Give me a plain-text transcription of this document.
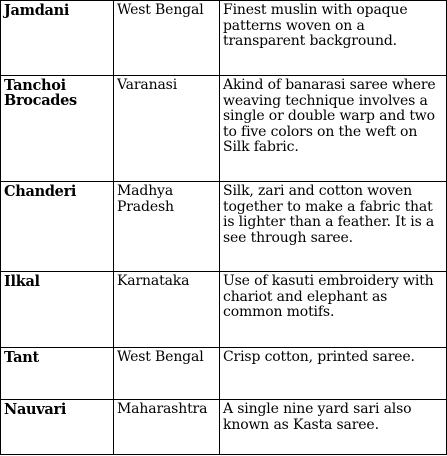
Jamdani	West Bengal	Finest muslin with opaque patterns woven on a transparent background.
Tanchoi Brocades	Varanasi	Akind of banarasi saree where weaving technique involves a single or double warp and two to five colors on the weft on Silk fabric.
Chanderi	Madhya Pradesh	Silk, zari and cotton woven together to make a fabric that is lighter than a feather. It is a see through saree.
Ilkal	Karnataka	Use of kasuti embroidery with chariot and elephant as common motifs.
Tant	West Bengal	Crisp cotton, printed saree.
Nauvari	Maharashtra	A single nine yard sari also known as Kasta saree.
